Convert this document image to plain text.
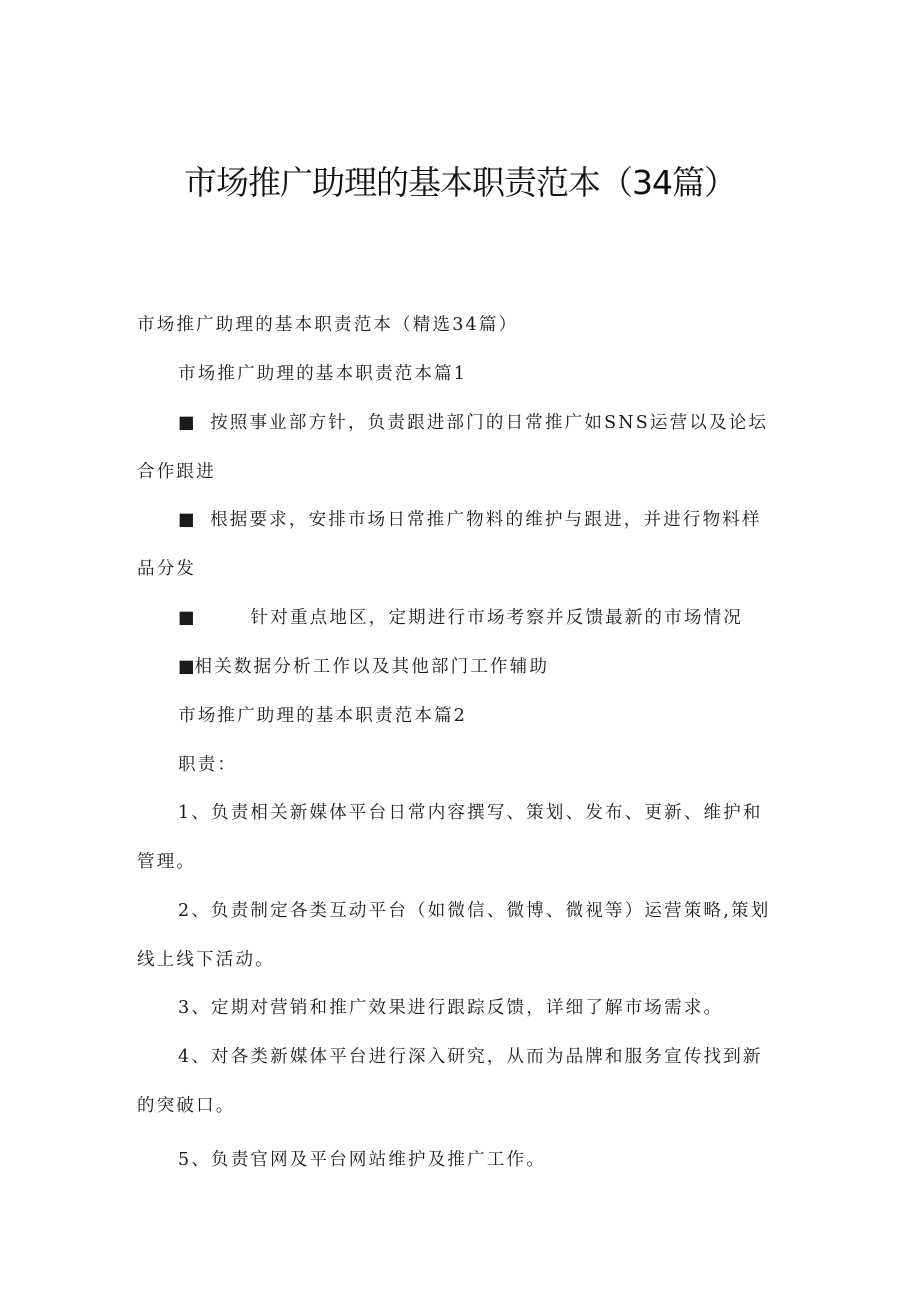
市场推广助理的基本职责范本（34篇）

市场推广助理的基本职责范本（精选34篇）

市场推广助理的基本职责范本篇1

■ 按照事业部方针，负责跟进部门的日常推广如SNS运营以及论坛

合作跟进

■ 根据要求，安排市场日常推广物料的维护与跟进，并进行物料样

品分发

■	针对重点地区，定期进行市场考察并反馈最新的市场情况

■相关数据分析工作以及其他部门工作辅助

市场推广助理的基本职责范本篇2

职责：

1、负责相关新媒体平台日常内容撰写、策划、发布、更新、维护和

管理。

2、负责制定各类互动平台（如微信、微博、微视等）运营策略,策划

线上线下活动。

3、定期对营销和推广效果进行跟踪反馈，详细了解市场需求。

4、对各类新媒体平台进行深入研究，从而为品牌和服务宣传找到新

的突破口。

5、负责官网及平台网站维护及推广工作。
